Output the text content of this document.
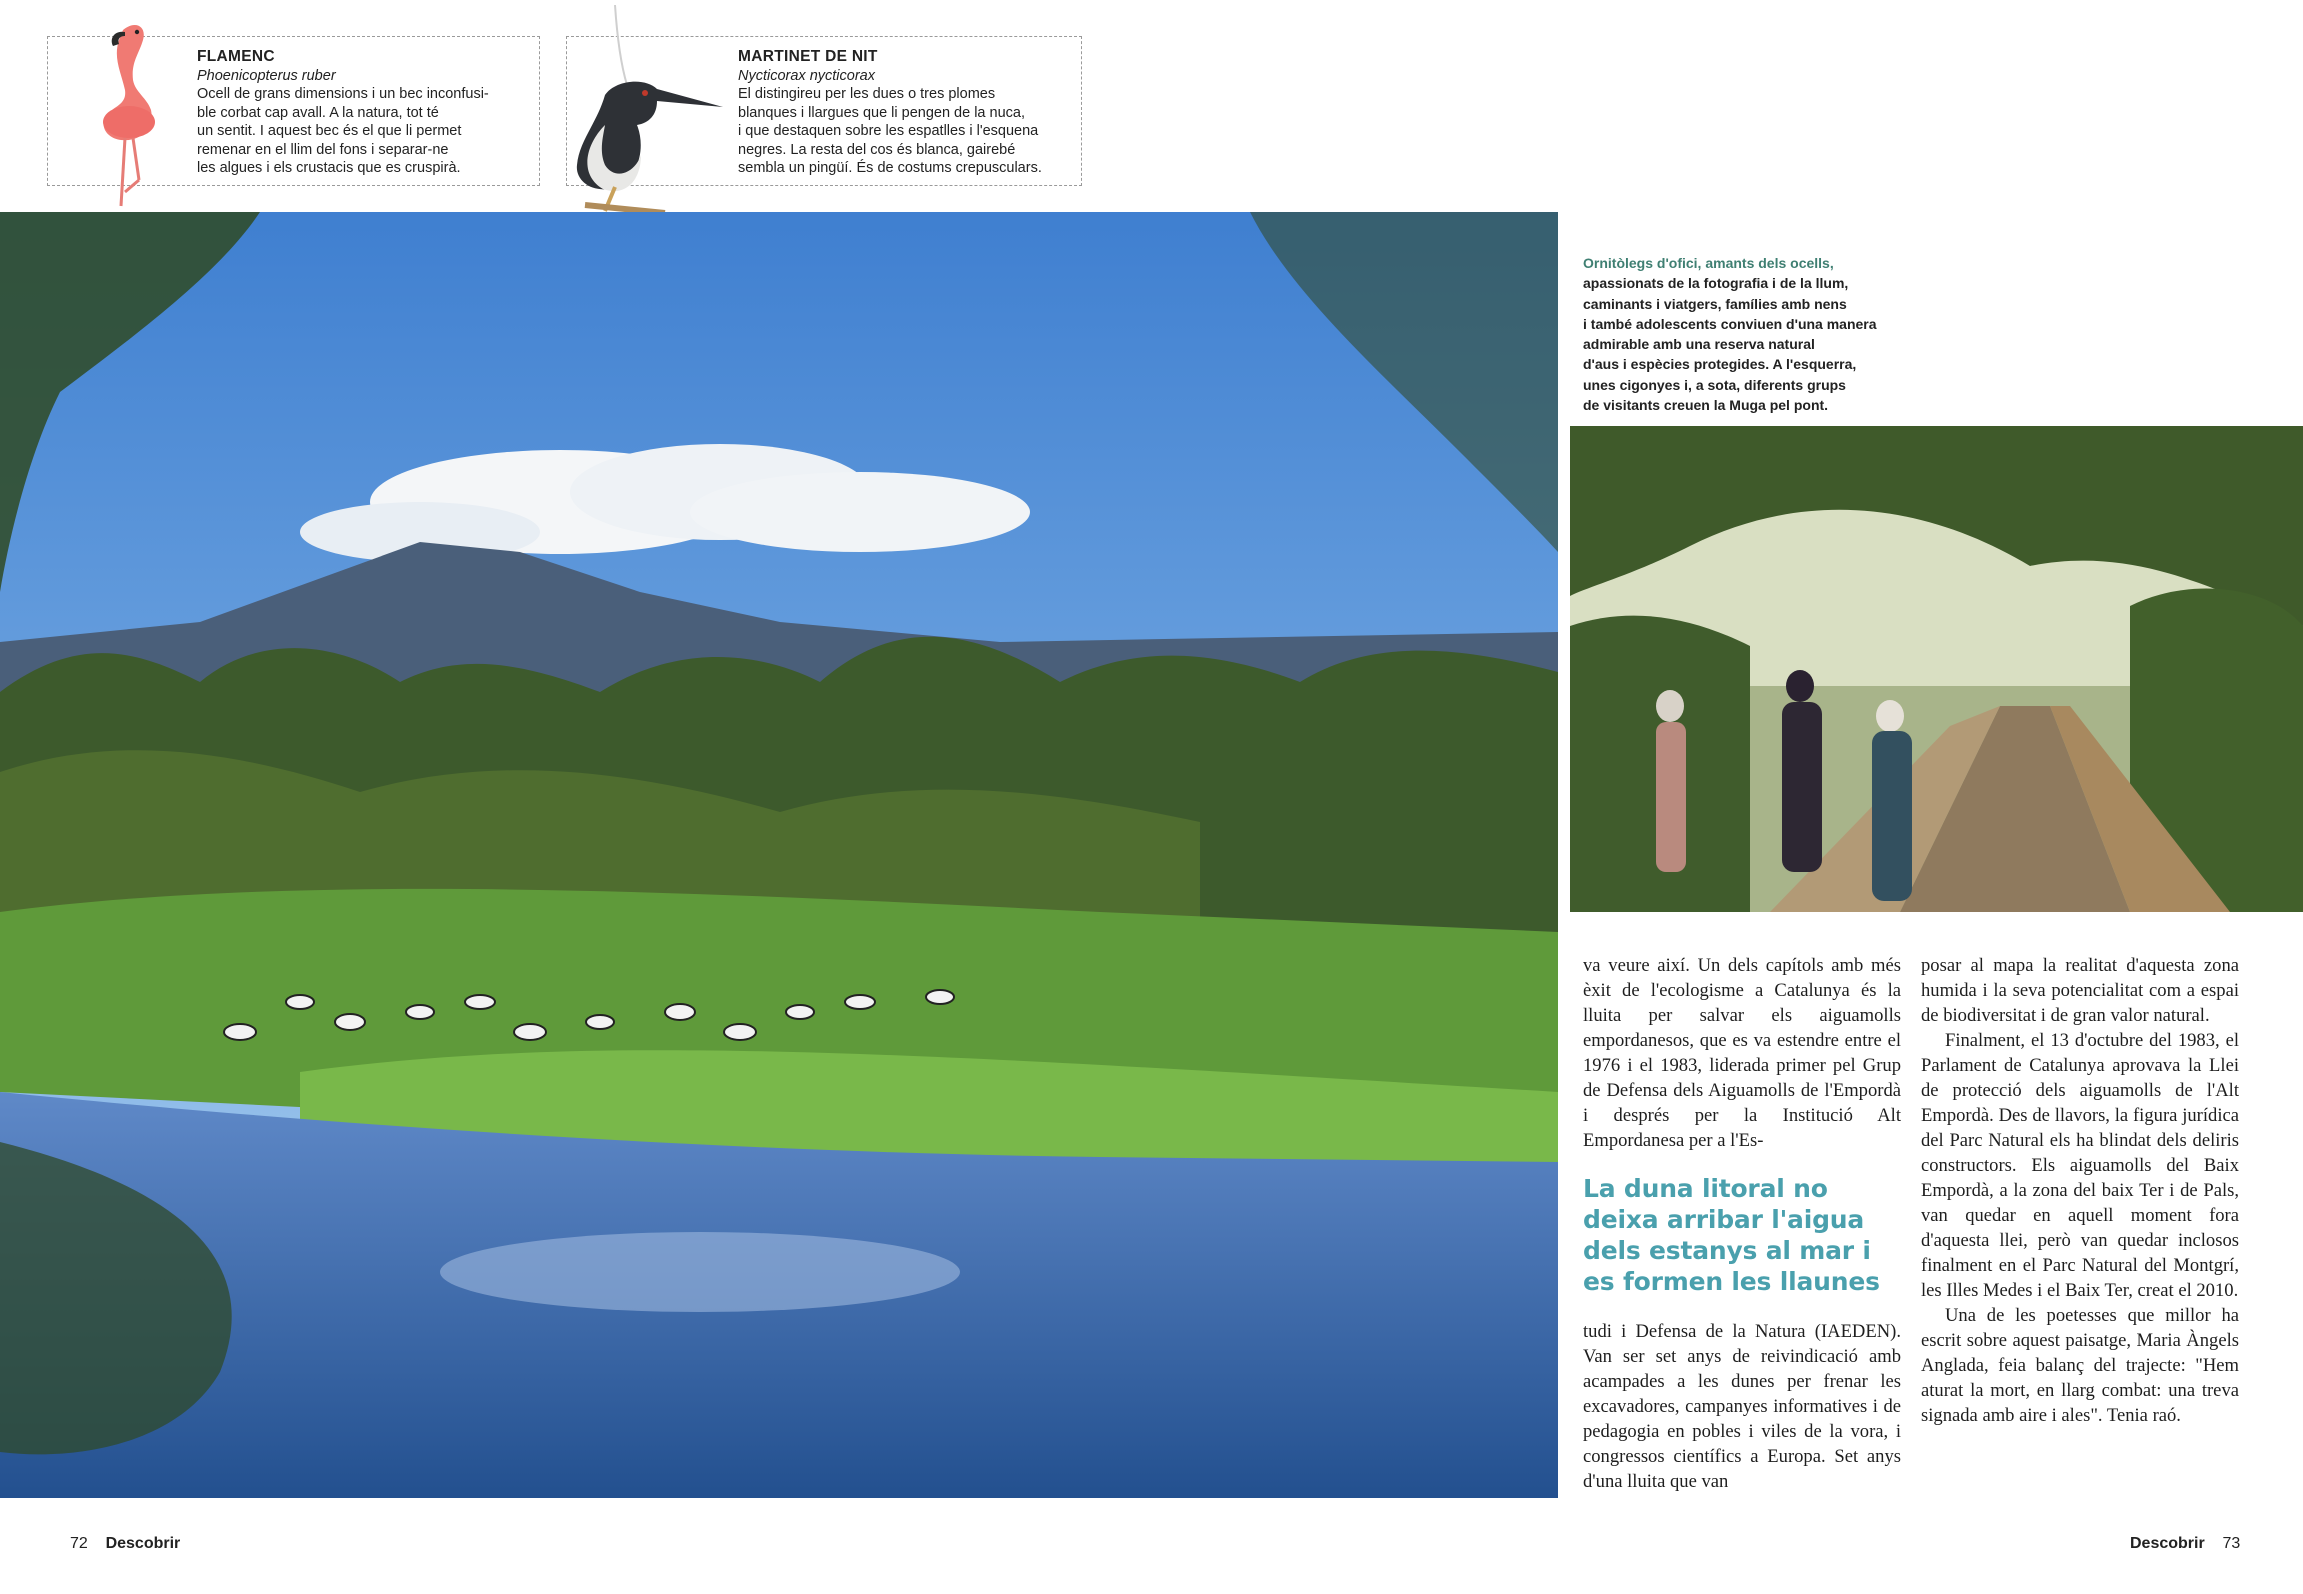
FLAMENC
Phoenicopterus ruber
Ocell de grans dimensions i un bec inconfusi-
ble corbat cap avall. A la natura, tot té
un sentit. I aquest bec és el que li permet
remenar en el llim del fons i separar-ne
les algues i els crustacis que es cruspirà.
MARTINET DE NIT
Nycticorax nycticorax
El distingireu per les dues o tres plomes
blanques i llargues que li pengen de la nuca,
i que destaquen sobre les espatlles i l'esquena
negres. La resta del cos és blanca, gairebé
sembla un pingüí. És de costums crepusculars.
Ornitòlegs d'ofici, amants dels ocells,
apassionats de la fotografia i de la llum,
caminants i viatgers, famílies amb nens
i també adolescents conviuen d'una manera
admirable amb una reserva natural
d'aus i espècies protegides. A l'esquerra,
unes cigonyes i, a sota, diferents grups
de visitants creuen la Muga pel pont.

va veure així. Un dels capítols amb més èxit de l'ecologisme a Catalunya és la lluita per salvar els aiguamolls empordanesos, que es va estendre entre el 1976 i el 1983, liderada primer pel Grup de Defensa dels Aiguamolls de l'Empordà i després per la Institució Alt Empordanesa per a l'Es-

La duna litoral no deixa arribar l'aigua dels estanys al mar i es formen les llaunes

tudi i Defensa de la Natura (IAEDEN). Van ser set anys de reivindicació amb acampades a les dunes per frenar les excavadores, campanyes informatives i de pedagogia en pobles i viles de la vora, i congressos científics a Europa. Set anys d'una lluita que van

posar al mapa la realitat d'aquesta zona humida i la seva potencialitat com a espai de biodiversitat i de gran valor natural.

Finalment, el 13 d'octubre del 1983, el Parlament de Catalunya aprovava la Llei de protecció dels aiguamolls de l'Alt Empordà. Des de llavors, la figura jurídica del Parc Natural els ha blindat dels deliris constructors. Els aiguamolls del Baix Empordà, a la zona del baix Ter i de Pals, van quedar en aquell moment fora d'aquesta llei, però van quedar inclosos finalment en el Parc Natural del Montgrí, les Illes Medes i el Baix Ter, creat el 2010.

Una de les poetesses que millor ha escrit sobre aquest paisatge, Maria Àngels Anglada, feia balanç del trajecte: "Hem aturat la mort, en llarg combat: una treva signada amb aire i ales". Tenia raó.

72 Descobrir	Descobrir 73
